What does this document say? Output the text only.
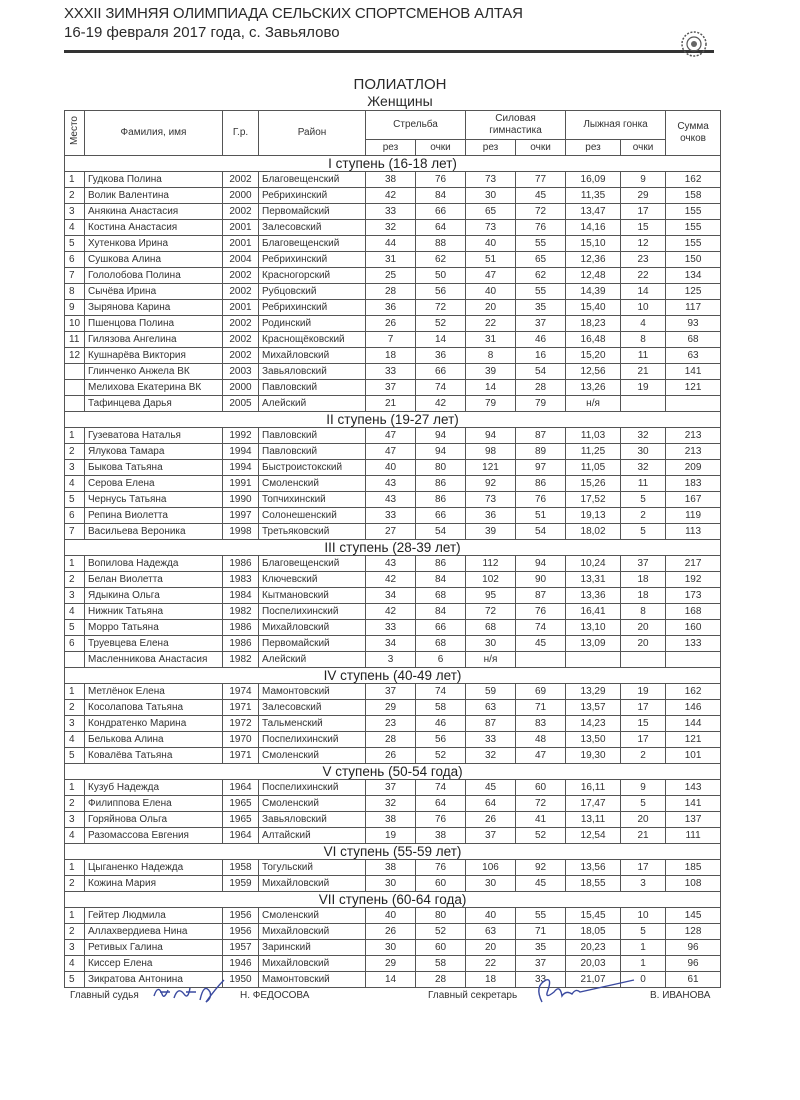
XXXII ЗИМНЯЯ ОЛИМПИАДА СЕЛЬСКИХ СПОРТСМЕНОВ АЛТАЯ
16-19 февраля 2017 года, с. Завьялово
ПОЛИАТЛОН
Женщины
Место	Фамилия, имя	Г.р.	Район	Стрельба		Силовая гимнастика		Лыжная гонка		Сумма очков
				рез	очки	рез	очки	рез	очки	
I ступень (16-18 лет)										
1	Гудкова Полина	2002	Благовещенский	38	76	73	77	16,09	9	162
2	Волик Валентина	2000	Ребрихинский	42	84	30	45	11,35	29	158
3	Анякина Анастасия	2002	Первомайский	33	66	65	72	13,47	17	155
4	Костина Анастасия	2001	Залесовский	32	64	73	76	14,16	15	155
5	Хутенкова Ирина	2001	Благовещенский	44	88	40	55	15,10	12	155
6	Сушкова Алина	2004	Ребрихинский	31	62	51	65	12,36	23	150
7	Гололобова Полина	2002	Красногорский	25	50	47	62	12,48	22	134
8	Сычёва Ирина	2002	Рубцовский	28	56	40	55	14,39	14	125
9	Зырянова Карина	2001	Ребрихинский	36	72	20	35	15,40	10	117
10	Пшенцова Полина	2002	Родинский	26	52	22	37	18,23	4	93
11	Гилязова Ангелина	2002	Краснощёковский	7	14	31	46	16,48	8	68
12	Кушнарёва Виктория	2002	Михайловский	18	36	8	16	15,20	11	63
	Глинченко Анжела ВК	2003	Завьяловский	33	66	39	54	12,56	21	141
	Мелихова Екатерина ВК	2000	Павловский	37	74	14	28	13,26	19	121
	Тафинцева Дарья	2005	Алейский	21	42	79	79	н/я		
II ступень (19-27 лет)										
1	Гузеватова Наталья	1992	Павловский	47	94	94	87	11,03	32	213
2	Ялукова Тамара	1994	Павловский	47	94	98	89	11,25	30	213
3	Быкова Татьяна	1994	Быстроистокский	40	80	121	97	11,05	32	209
4	Серова Елена	1991	Смоленский	43	86	92	86	15,26	11	183
5	Чернусь Татьяна	1990	Топчихинский	43	86	73	76	17,52	5	167
6	Репина Виолетта	1997	Солонешенский	33	66	36	51	19,13	2	119
7	Васильева Вероника	1998	Третьяковский	27	54	39	54	18,02	5	113
III ступень (28-39 лет)										
1	Вопилова Надежда	1986	Благовещенский	43	86	112	94	10,24	37	217
2	Белан Виолетта	1983	Ключевский	42	84	102	90	13,31	18	192
3	Ядыкина Ольга	1984	Кытмановский	34	68	95	87	13,36	18	173
4	Нижник Татьяна	1982	Поспелихинский	42	84	72	76	16,41	8	168
5	Морро Татьяна	1986	Михайловский	33	66	68	74	13,10	20	160
6	Труевцева Елена	1986	Первомайский	34	68	30	45	13,09	20	133
	Масленникова Анастасия	1982	Алейский	3	6	н/я				
IV ступень (40-49 лет)										
1	Метлёнок Елена	1974	Мамонтовский	37	74	59	69	13,29	19	162
2	Косолапова Татьяна	1971	Залесовский	29	58	63	71	13,57	17	146
3	Кондратенко Марина	1972	Тальменский	23	46	87	83	14,23	15	144
4	Белькова Алина	1970	Поспелихинский	28	56	33	48	13,50	17	121
5	Ковалёва Татьяна	1971	Смоленский	26	52	32	47	19,30	2	101
V ступень (50-54 года)										
1	Кузуб Надежда	1964	Поспелихинский	37	74	45	60	16,11	9	143
2	Филиппова Елена	1965	Смоленский	32	64	64	72	17,47	5	141
3	Горяйнова Ольга	1965	Завьяловский	38	76	26	41	13,11	20	137
4	Разомассова Евгения	1964	Алтайский	19	38	37	52	12,54	21	111
VI ступень (55-59 лет)										
1	Цыганенко Надежда	1958	Тогульский	38	76	106	92	13,56	17	185
2	Кожина Мария	1959	Михайловский	30	60	30	45	18,55	3	108
VII ступень (60-64 года)										
1	Гейтер Людмила	1956	Смоленский	40	80	40	55	15,45	10	145
2	Аллахвердиева Нина	1956	Михайловский	26	52	63	71	18,05	5	128
3	Ретивых Галина	1957	Заринский	30	60	20	35	20,23	1	96
4	Киссер Елена	1946	Михайловский	29	58	22	37	20,03	1	96
5	Зикратова Антонина	1950	Мамонтовский	14	28	18	33	21,07	0	61
Главный судья	Н. ФЕДОСОВА	Главный секретарь	В. ИВАНОВА
